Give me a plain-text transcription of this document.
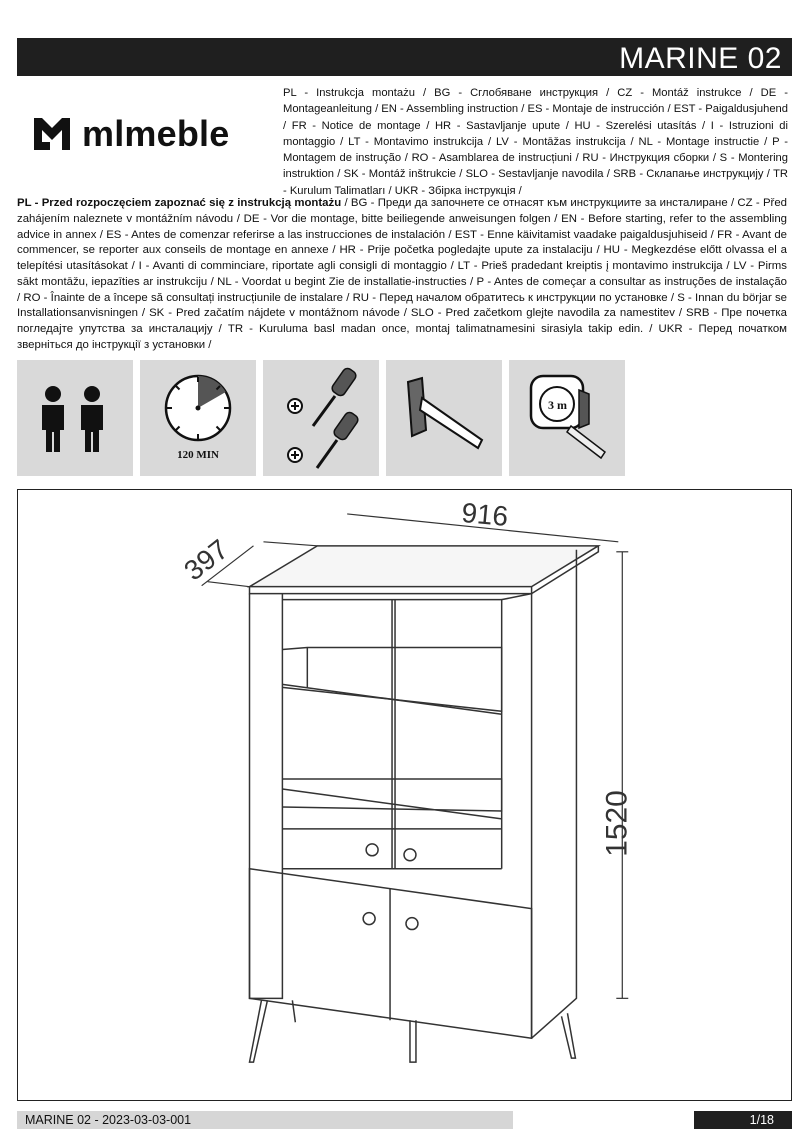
MARINE 02
mlmeble
PL - Instrukcja montażu / BG - Сглобяване инструкция / CZ - Montáž instrukce / DE - Montageanleitung / EN - Assembling instruction / ES - Montaje de instrucción / EST - Paigaldusjuhend / FR - Notice de montage / HR - Sastavljanje upute / HU - Szerelési utasítás / I - Istruzioni di montaggio / LT - Montavimo instrukcija / LV - Montāžas instrukcija / NL - Montage instructie / P - Montagem de instrução / RO - Asamblarea de instrucțiuni / RU - Инструкция сборки / S - Montering instruktion / SK - Montáž inštrukcie / SLO - Sestavljanje navodila / SRB - Склапање инструкцију / TR - Kurulum Talimatları / UKR - Збірка інструкція /
PL - Przed rozpoczęciem zapoznać się z instrukcją montażu / BG - Преди да започнете се отнасят към инструкциите за инсталиране / CZ - Před zahájením naleznete v montážním návodu / DE - Vor die montage, bitte beiliegende anweisungen folgen / EN - Before starting, refer to the assembling advice in annex / ES - Antes de comenzar referirse a las instrucciones de instalación / EST - Enne käivitamist vaadake paigaldusjuhiseid / FR - Avant de commencer, se reporter aux conseils de montage en annexe / HR - Prije početka pogledajte upute za instalaciju / HU - Megkezdése előtt olvassa el a telepítési utasításokat / I - Avanti di comminciare, riportate agli consigli di montaggio / LT - Prieš pradedant kreiptis į montavimo instrukcija / LV - Pirms sākt montāžu, iepazīties ar instrukciju / NL - Voordat u begint Zie de installatie-instructies / P - Antes de começar a consultar as instruções de instalação / RO - Înainte de a începe să consultați instrucțiunile de instalare / RU - Перед началом обратитесь к инструкции по установке / S - Innan du börjar se Installationsanvisningen / SK - Pred začatím nájdete v montážnom návode / SLO - Pred začetkom glejte navodila za namestitev / SRB - Пре почетка погледајте упутства за инсталацију / TR - Kuruluma basl madan once, montaj talimatnamesini sirasiyla takip edin. / UKR - Перед початком зверніться до інструкції з установки /
120 MIN
3 m
916
397
1520
MARINE 02 - 2023-03-03-001	1/18
